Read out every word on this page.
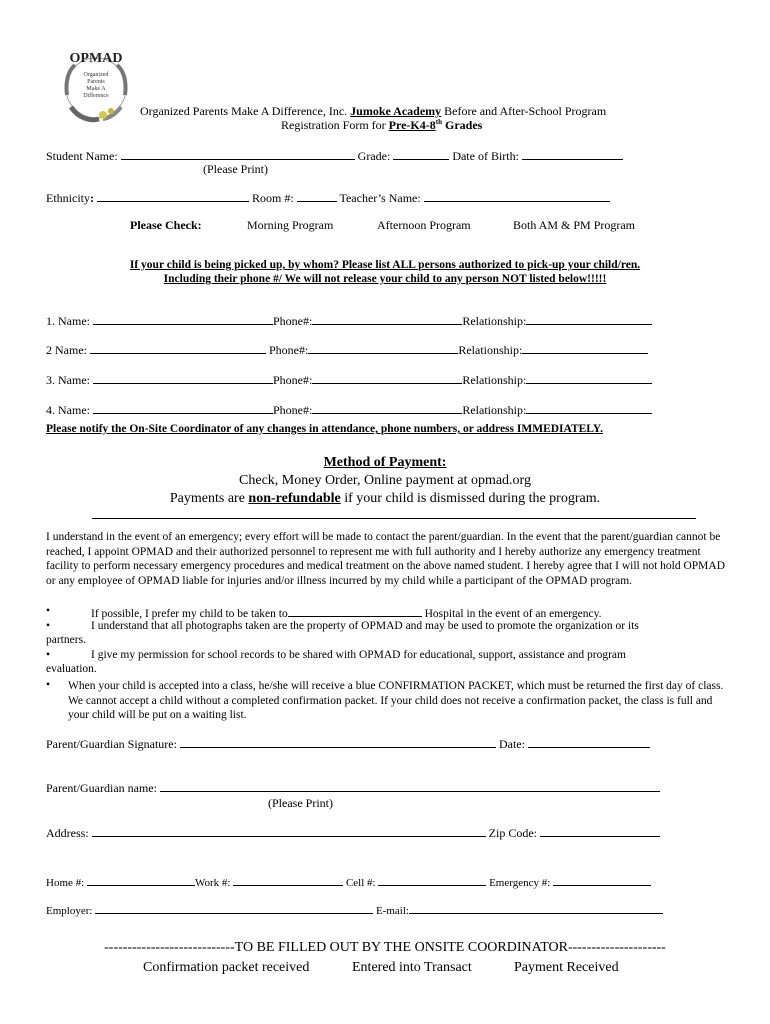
OPMAD
Organized
Parents
Make A
Difference
Organized Parents Make A Difference, Inc. Jumoke Academy Before and After-School Program
Registration Form for Pre-K4-8th Grades
Student Name:	Grade:	Date of Birth:
(Please Print)
Ethnicity:	Room #:	Teacher’s Name:
Please Check:	Morning Program	Afternoon Program	Both AM & PM Program
If your child is being picked up, by whom? Please list ALL persons authorized to pick-up your child/ren.
Including their phone #/ We will not release your child to any person NOT listed below!!!!!
1. Name:	Phone#:	Relationship:
2 Name:	Phone#:	Relationship:
3. Name:	Phone#:	Relationship:
4. Name:	Phone#:	Relationship:
Please notify the On-Site Coordinator of any changes in attendance, phone numbers, or address IMMEDIATELY.
Method of Payment:
Check, Money Order, Online payment at opmad.org
Payments are non-refundable if your child is dismissed during the program.
I understand in the event of an emergency; every effort will be made to contact the parent/guardian. In the event that the parent/guardian cannot be reached, I appoint OPMAD and their authorized personnel to represent me with full authority and I hereby authorize any emergency treatment facility to perform necessary emergency procedures and medical treatment on the above named student. I hereby agree that I will not hold OPMAD or any employee of OPMAD liable for injuries and/or illness incurred by my child while a participant of the OPMAD program.
•	If possible, I prefer my child to be taken to	Hospital in the event of an emergency.
•	I understand that all photographs taken are the property of OPMAD and may be used to promote the organization or its
partners.
•	I give my permission for school records to be shared with OPMAD for educational, support, assistance and program
evaluation.
• When your child is accepted into a class, he/she will receive a blue CONFIRMATION PACKET, which must be returned the first day of class. We cannot accept a child without a completed confirmation packet. If your child does not receive a confirmation packet, the class is full and your child will be put on a waiting list.
Parent/Guardian Signature:	Date:
Parent/Guardian name:
(Please Print)
Address:	Zip Code:
Home #:	Work #:	Cell #:	Emergency #:
Employer:	E-mail:
----------------------------TO BE FILLED OUT BY THE ONSITE COORDINATOR---------------------
Confirmation packet received	Entered into Transact	Payment Received
